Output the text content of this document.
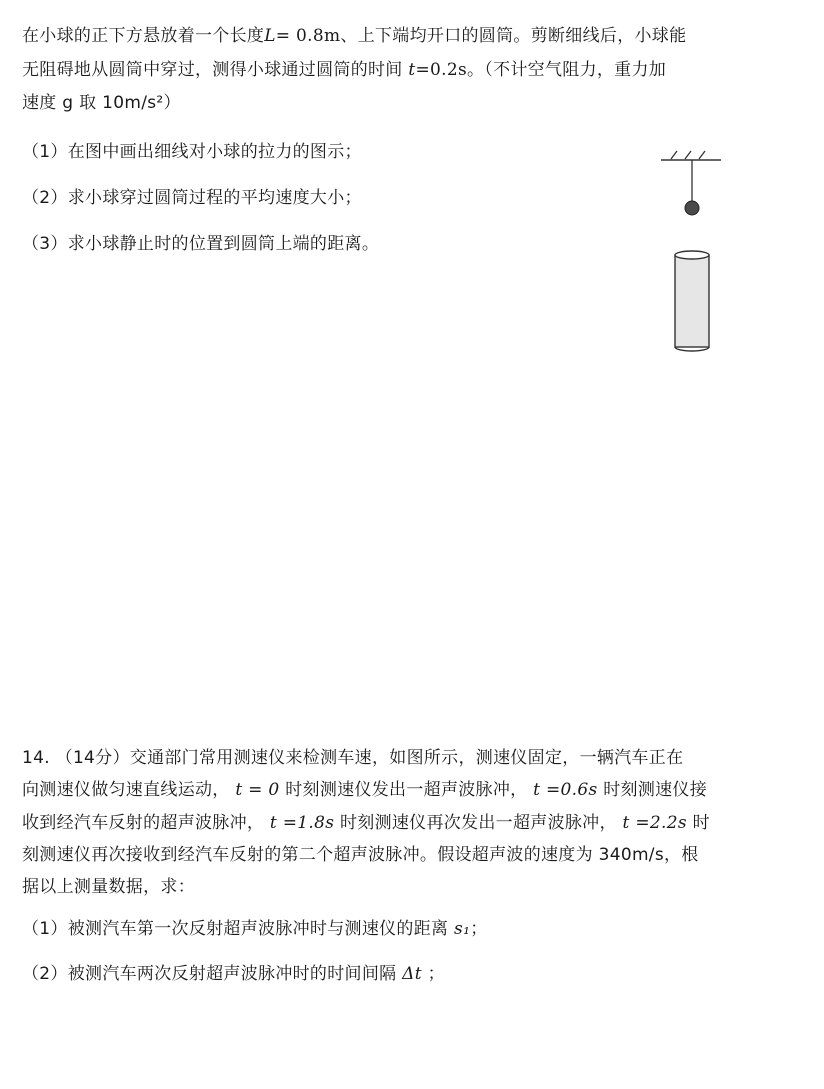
在小球的正下方悬放着一个长度L= 0.8m、上下端均开口的圆筒。剪断细线后，小球能
无阻碍地从圆筒中穿过，测得小球通过圆筒的时间 t=0.2s。（不计空气阻力，重力加
速度 g 取 10m/s²）
（1）在图中画出细线对小球的拉力的图示；
（2）求小球穿过圆筒过程的平均速度大小；
（3）求小球静止时的位置到圆筒上端的距离。
14. （14分）交通部门常用测速仪来检测车速，如图所示，测速仪固定，一辆汽车正在
向测速仪做匀速直线运动， t = 0 时刻测速仪发出一超声波脉冲， t =0.6s 时刻测速仪接
收到经汽车反射的超声波脉冲， t =1.8s 时刻测速仪再次发出一超声波脉冲， t =2.2s 时
刻测速仪再次接收到经汽车反射的第二个超声波脉冲。假设超声波的速度为 340m/s，根
据以上测量数据，求：
（1）被测汽车第一次反射超声波脉冲时与测速仪的距离 s₁；
（2）被测汽车两次反射超声波脉冲时的时间间隔 Δt ；
